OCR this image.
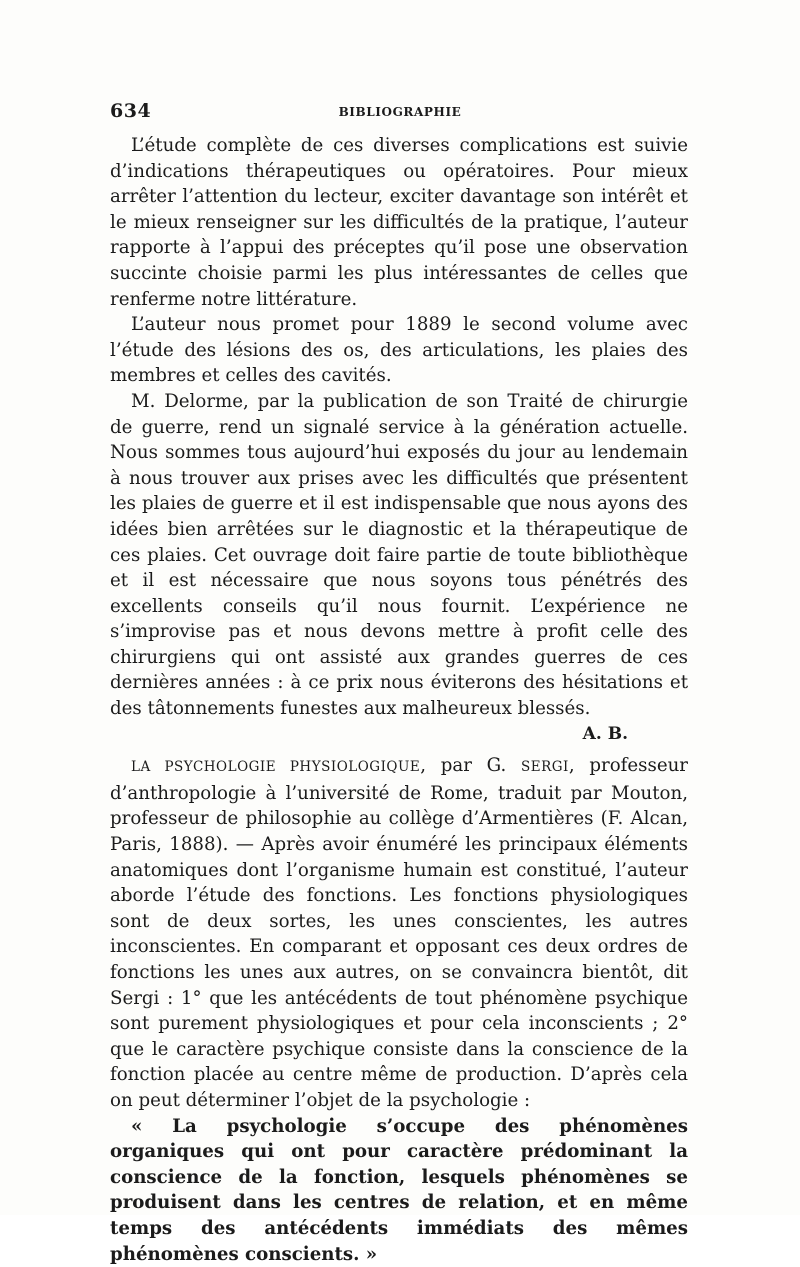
634	BIBLIOGRAPHIE

L’étude complète de ces diverses complications est suivie d’indications thérapeutiques ou opératoires. Pour mieux arrêter l’attention du lecteur, exciter davantage son intérêt et le mieux renseigner sur les difficultés de la pratique, l’auteur rapporte à l’appui des préceptes qu’il pose une observation succinte choisie parmi les plus intéressantes de celles que renferme notre littérature.

L’auteur nous promet pour 1889 le second volume avec l’étude des lésions des os, des articulations, les plaies des membres et celles des cavités.

M. Delorme, par la publication de son Traité de chirurgie de guerre, rend un signalé service à la génération actuelle. Nous sommes tous aujourd’hui exposés du jour au lendemain à nous trouver aux prises avec les difficultés que présentent les plaies de guerre et il est indispensable que nous ayons des idées bien arrêtées sur le diagnostic et la thérapeutique de ces plaies. Cet ouvrage doit faire partie de toute bibliothèque et il est nécessaire que nous soyons tous pénétrés des excellents conseils qu’il nous fournit. L’expérience ne s’improvise pas et nous devons mettre à profit celle des chirurgiens qui ont assisté aux grandes guerres de ces dernières années : à ce prix nous éviterons des hésitations et des tâtonnements funestes aux malheureux blessés.

A. B.

LA PSYCHOLOGIE PHYSIOLOGIQUE, par G. SERGI, professeur d’anthropologie à l’université de Rome, traduit par Mouton, professeur de philosophie au collège d’Armentières (F. Alcan, Paris, 1888). — Après avoir énuméré les principaux éléments anatomiques dont l’organisme humain est constitué, l’auteur aborde l’étude des fonctions. Les fonctions physiologiques sont de deux sortes, les unes conscientes, les autres inconscientes. En comparant et opposant ces deux ordres de fonctions les unes aux autres, on se convaincra bientôt, dit Sergi : 1° que les antécédents de tout phénomène psychique sont purement physiologiques et pour cela inconscients ; 2° que le caractère psychique consiste dans la conscience de la fonction placée au centre même de production. D’après cela on peut déterminer l’objet de la psychologie :

« La psychologie s’occupe des phénomènes organiques qui ont pour caractère prédominant la conscience de la fonction, lesquels phénomènes se produisent dans les centres de relation, et en même temps des antécédents immédiats des mêmes phénomènes conscients. »
